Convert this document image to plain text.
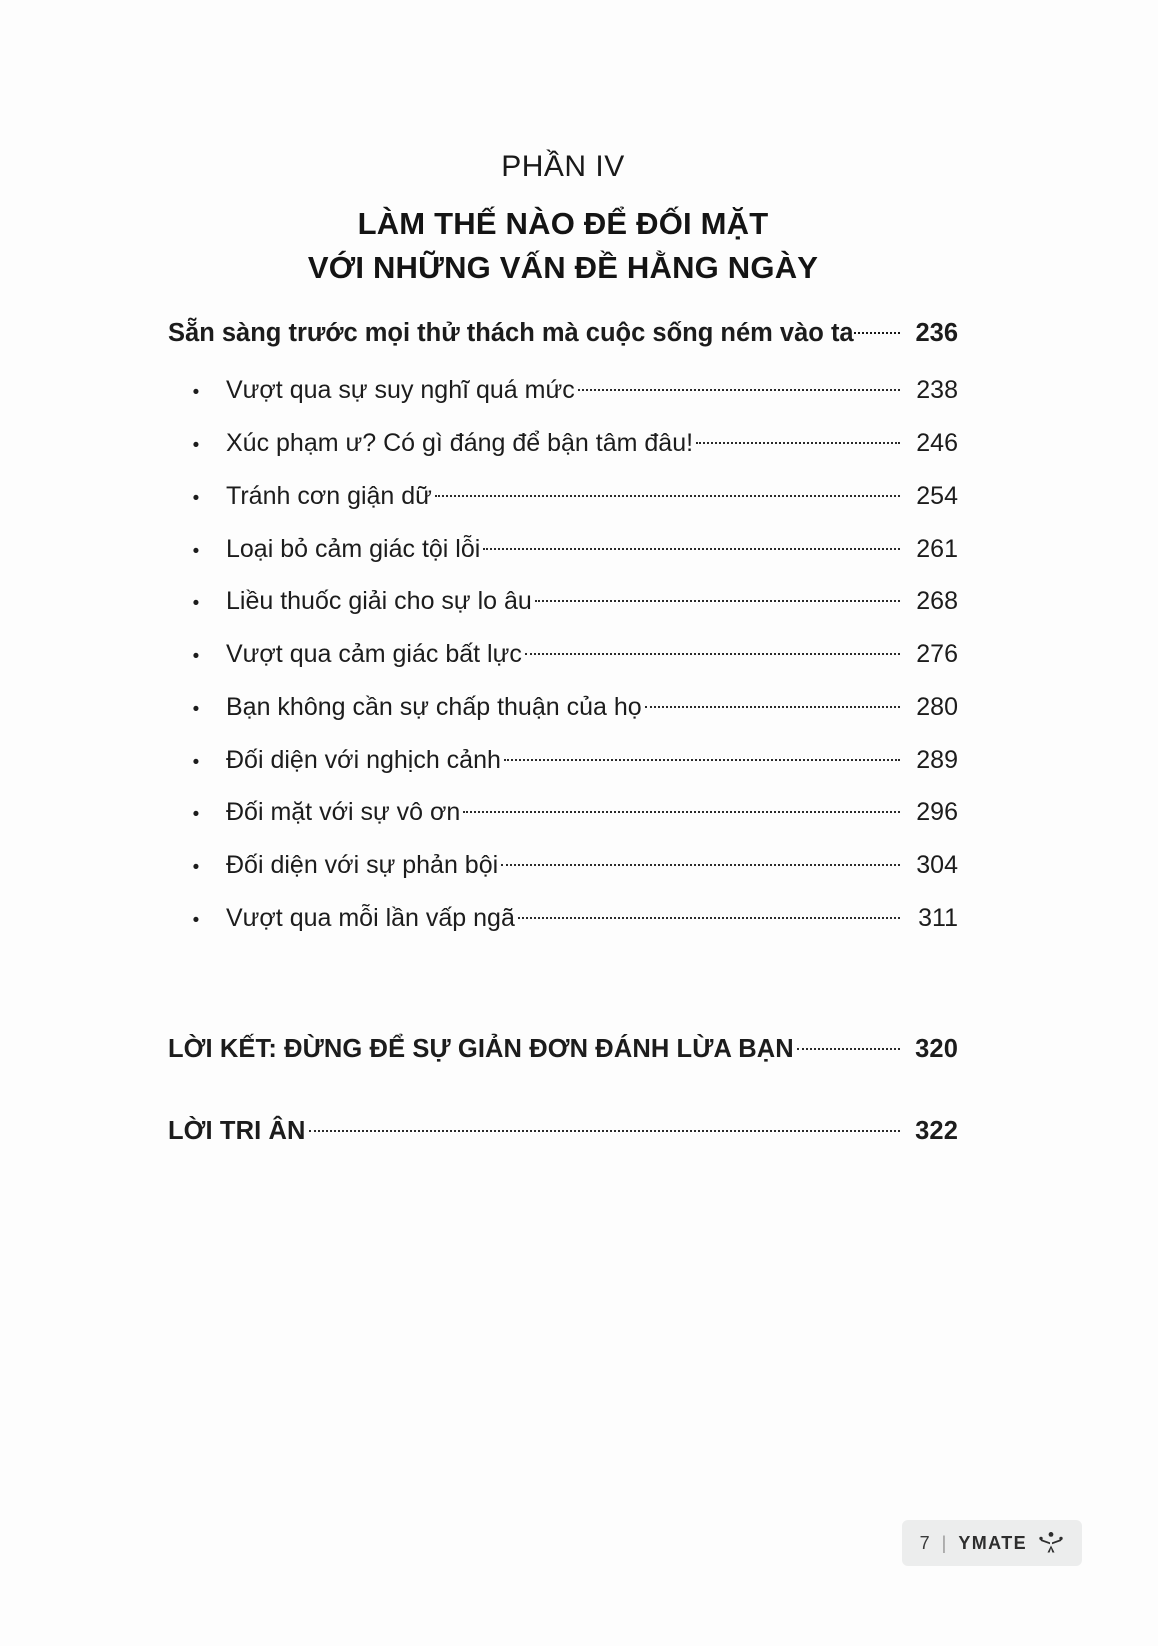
PHẦN IV
LÀM THẾ NÀO ĐỂ ĐỐI MẶT
VỚI NHỮNG VẤN ĐỀ HẰNG NGÀY
Sẵn sàng trước mọi thử thách mà cuộc sống ném vào ta	236
•	Vượt qua sự suy nghĩ quá mức	238
•	Xúc phạm ư? Có gì đáng để bận tâm đâu!	246
•	Tránh cơn giận dữ	254
•	Loại bỏ cảm giác tội lỗi	261
•	Liều thuốc giải cho sự lo âu	268
•	Vượt qua cảm giác bất lực	276
•	Bạn không cần sự chấp thuận của họ	280
•	Đối diện với nghịch cảnh	289
•	Đối mặt với sự vô ơn	296
•	Đối diện với sự phản bội	304
•	Vượt qua mỗi lần vấp ngã	311
LỜI KẾT: ĐỪNG ĐỂ SỰ GIẢN ĐƠN ĐÁNH LỪA BẠN	320
LỜI TRI ÂN	322
7 | YMATE
